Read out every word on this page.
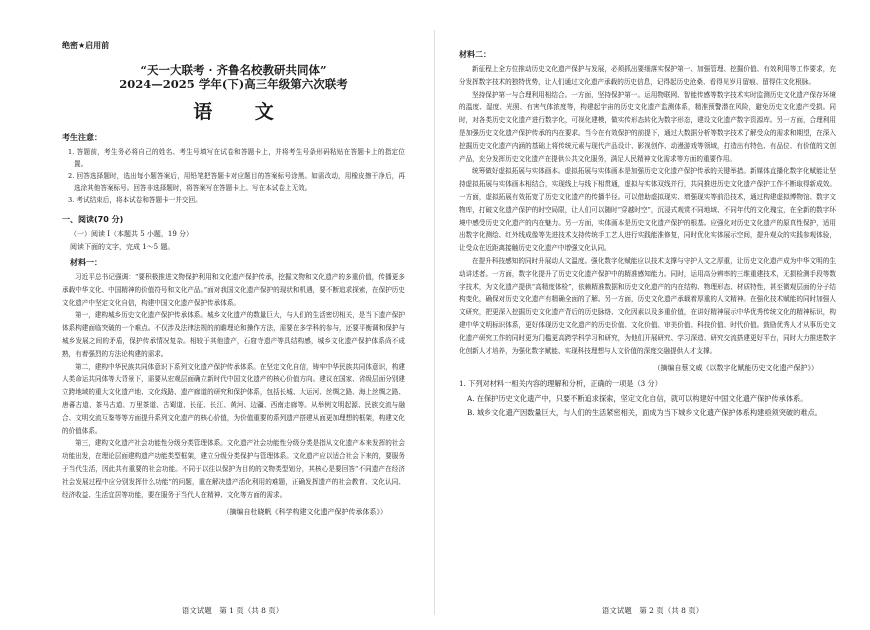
绝密★启用前
“天一大联考 · 齐鲁名校教研共同体”
2024—2025 学年(下)高三年级第六次联考
语 文
考生注意：
1. 答题前，考生务必将自己的姓名、考生号填写在试卷和答题卡上，并将考生号条形码粘贴在答题卡上的指定位置。
2. 回答选择题时，选出每小题答案后，用铅笔把答题卡对应题目的答案标号涂黑。如需改动，用橡皮擦干净后，再选涂其他答案标号。回答非选择题时，将答案写在答题卡上。写在本试卷上无效。
3. 考试结束后，将本试卷和答题卡一并交回。
一、阅读(70 分)
（一）阅读 I（本题共 5 小题，19 分）
阅读下面的文字，完成 1～5 题。
材料一：

习近平总书记强调：“要积极推进文物保护利用和文化遗产保护传承，挖掘文物和文化遗产的多重价值，传播更多承载中华文化、中国精神的价值符号和文化产品。”面对我国文化遗产保护的现状和机遇，要不断追求探索，在保护历史文化遗产中坚定文化自信，构建中国文化遗产保护传承体系。

第一，建构城乡历史文化遗产保护传承体系。城乡文化遗产的数量巨大，与人们的生活密切相关，是当下遗产保护体系构建面临突破的一个难点。不仅涉及法律法规的前瞻理论和操作方法，需要在多学科的参与，还要平衡调和保护与城乡发展之间的矛盾，保护传承情况复杂。相较于其他遗产，石窟寺遗产等具结构感，城乡文化遗产保护体系尚不成熟，有着强烈的方法论构建的需求。

第二，建构中华民族共同体意识下系列文化遗产保护传承体系。在坚定文化自信，铸牢中华民族共同体意识，构建人类命运共同体等大背景下，需要从宏观层面确立新时代中国文化遗产的核心价值方向。建议在国家、省级层面分别建立跨地域的重大文化遗产地、文化线路、遗产廊道的研究和保护体系，包括长城、大运河、丝绸之路、海上丝绸之路、唐蕃古道、茶马古道、万里茶道、古蜀道、长征、长江、黄河、边疆、西南走廊等。从举例文明起源、民族交流与融合、文明交流互鉴等等方面提升系列文化遗产的核心价值，为价值重要的系列遗产搭建从面更加理想的框架，构建文化的价值体系。

第三，建构文化遗产社会功能性分级分类管理体系。文化遗产社会功能性分级分类是指从文化遗产本来发挥的社会功能出发，在理论层面建构遗产功能类型框架，建立分级分类保护与管理体系。文化遗产应以适合社会下来的，要服务于当代生活，因此共有重要的社会功能。不同于以往以保护为目的的文物类型划分，其核心是要回答“不同遗产在经济社会发展过程中应分别发挥什么功能”的问题，重在解决遗产活化利用的难题，正确发挥遗产的社会教育、文化认同、经济收益、生活宜居等功能，要在服务于当代人在精神、文化等方面的需求。

（摘编自杜晓帆《科学构建文化遗产保护传承体系》）
语文试题　第 1 页（共 8 页）
材料二：

新征程上全方位推动历史文化遗产保护与发展，必须抓出要细落实保护第一、加强管理、挖掘价值、有效利用等工作要求，充分发挥数字技术的独特优势，让人们通过文化遗产承载的历史信息，记得起历史沧桑、看得见岁月留痕、留得住文化根脉。

坚持保护第一与合理利用相结合。一方面，坚持保护第一。运用物联网、智能传感等数字技术实时监测历史文化遗产保存环境的温度、湿度、光照、有害气体浓度等，构建起宇宙的历史文化遗产监测体系，精准预警潜在风险，避免历史文化遗产受损。同时，对各类历史文化遗产进行数字化，可视化建模，做实传形态转化为数字形态，建设文化遗产数字资源库。另一方面，合理利用是加强历史文化遗产保护传承的内在要求。当今在有效保护的前提下，通过大数据分析等数字技术了解受众的需求和期望，在深入挖掘历史文化遗产内涵的基础上将传统元素与现代产品设计、影视创作、动漫游戏等领域，打造出有特色、有品位、有价值的文创产品，充分发挥历史文化遗产在提供公共文化服务，满足人民精神文化需求等方面的重要作用。

统筹做好虚拟拓展与实体画本。虚拟拓展与实体画本是加强历史文化遗产保护传承的关键举措。新媒体直播化数字化赋能让坚持虚拟拓展与实体画本相结合，实现线上与线下相贯通，虚拟与实体双线并行，共同推进历史文化遗产保护工作不断取得新成效。一方面，虚拟拓展有效拓宽了历史文化遗产的传播半径。可以借助虚拟现实、增强现实等前沿技术，通过构建虚拟博物馆、数字文物库，打破文化遗产保护的时空局限，让人们可以随时“穿越时空”，沉浸式观赏不同地域、不同年代的文化瑰宝，在全新的数字环境中感受历史文化遗产的内在魅力。另一方面，实体画本是历史文化遗产保护的根基。应强化对历史文化遗产的原真性保护，适用出数字化测绘、红外线成像等先进技术支持传统手工艺人进行实践能准修复，同时优化实体展示空间，提升观众的实践参观体验，让受众在近距离接触历史文化遗产中增强文化认同。

在提升科技感知的同时升展动人文温度。强化数字化赋能应以技术支撑与守护人文之厚重，让历史文化遗产成为中华文明的生动讲述者。一方面，数字化提升了历史文化遗产保护中的精准感知能力。同时，运用高分辨率的三维重建技术，无损检测手段等数字技术，为文化遗产提供“高精度体检”，依赖精准数据和历史文化遗产的内在结构、物理形态、材质特性，甚至微观层面的分子结构变化，确保对历史文化遗产有精确全面的了解。另一方面，历史文化遗产承载着厚重的人文精神。在强化技术赋能的同时加强人文研究，把更深入挖掘历史文化遗产背后的历史脉络、文化因素以及多重价值，在讲好精神展示中华优秀传统文化的精神标识，构建中华文明标识体系，更好体现历史文化遗产的历史价值、文化价值、审美价值、科技价值、时代价值。鼓励优秀人才从事历史文化遗产研究工作的同时更为门槛更高跨学科学习和研究，为他们开展研究、学习深造、研究交流搭建更好平台，同时大力推进数字化创新人才培养，为强化数字赋能、实现科技理想与人文价值的深度交融提供人才支撑。

（摘编自蔡文威《以数字化赋能历史文化遗产保护》）
1. 下列对材料一相关内容的理解和分析，正确的一项是（3 分）
A. 在保护历史文化遗产中，只要不断追求探索，坚定文化自信，就可以构建好中国文化遗产保护传承体系。
B. 城乡文化遗产因数量巨大，与人们的生活紧密相关，面成为当下城乡文化遗产保护体系构建亟须突破的难点。
语文试题　第 2 页（共 8 页）
